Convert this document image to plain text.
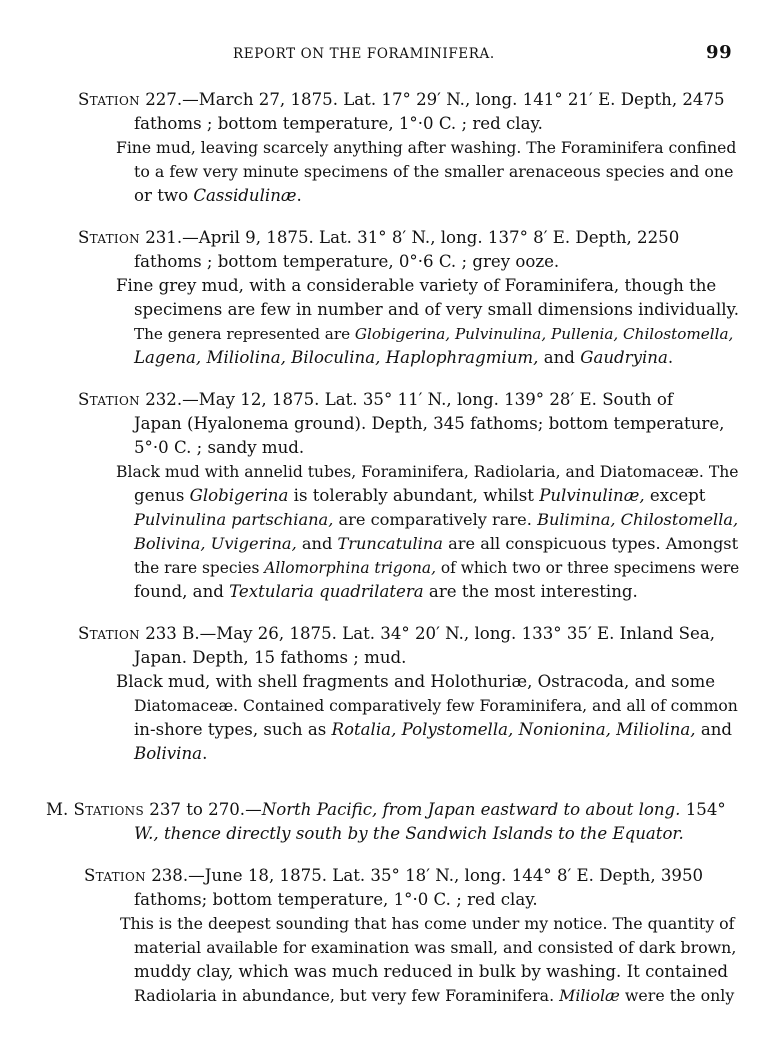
REPORT ON THE FORAMINIFERA.	99
Station 227.—March 27, 1875. Lat. 17° 29′ N., long. 141° 21′ E. Depth, 2475
fathoms ; bottom temperature, 1°·0 C. ; red clay.
Fine mud, leaving scarcely anything after washing. The Foraminifera confined
to a few very minute specimens of the smaller arenaceous species and one
or two Cassidulinæ.
Station 231.—April 9, 1875. Lat. 31° 8′ N., long. 137° 8′ E. Depth, 2250
fathoms ; bottom temperature, 0°·6 C. ; grey ooze.
Fine grey mud, with a considerable variety of Foraminifera, though the
specimens are few in number and of very small dimensions individually.
The genera represented are Globigerina, Pulvinulina, Pullenia, Chilostomella,
Lagena, Miliolina, Biloculina, Haplophragmium, and Gaudryina.
Station 232.—May 12, 1875. Lat. 35° 11′ N., long. 139° 28′ E. South of
Japan (Hyalonema ground). Depth, 345 fathoms; bottom temperature,
5°·0 C. ; sandy mud.
Black mud with annelid tubes, Foraminifera, Radiolaria, and Diatomaceæ. The
genus Globigerina is tolerably abundant, whilst Pulvinulinæ, except
Pulvinulina partschiana, are comparatively rare. Bulimina, Chilostomella,
Bolivina, Uvigerina, and Truncatulina are all conspicuous types. Amongst
the rare species Allomorphina trigona, of which two or three specimens were
found, and Textularia quadrilatera are the most interesting.
Station 233 B.—May 26, 1875. Lat. 34° 20′ N., long. 133° 35′ E. Inland Sea,
Japan. Depth, 15 fathoms ; mud.
Black mud, with shell fragments and Holothuriæ, Ostracoda, and some
Diatomaceæ. Contained comparatively few Foraminifera, and all of common
in-shore types, such as Rotalia, Polystomella, Nonionina, Miliolina, and
Bolivina.
M. Stations 237 to 270.—North Pacific, from Japan eastward to about long. 154°
W., thence directly south by the Sandwich Islands to the Equator.
Station 238.—June 18, 1875. Lat. 35° 18′ N., long. 144° 8′ E. Depth, 3950
fathoms; bottom temperature, 1°·0 C. ; red clay.
This is the deepest sounding that has come under my notice. The quantity of
material available for examination was small, and consisted of dark brown,
muddy clay, which was much reduced in bulk by washing. It contained
Radiolaria in abundance, but very few Foraminifera. Miliolæ were the only
